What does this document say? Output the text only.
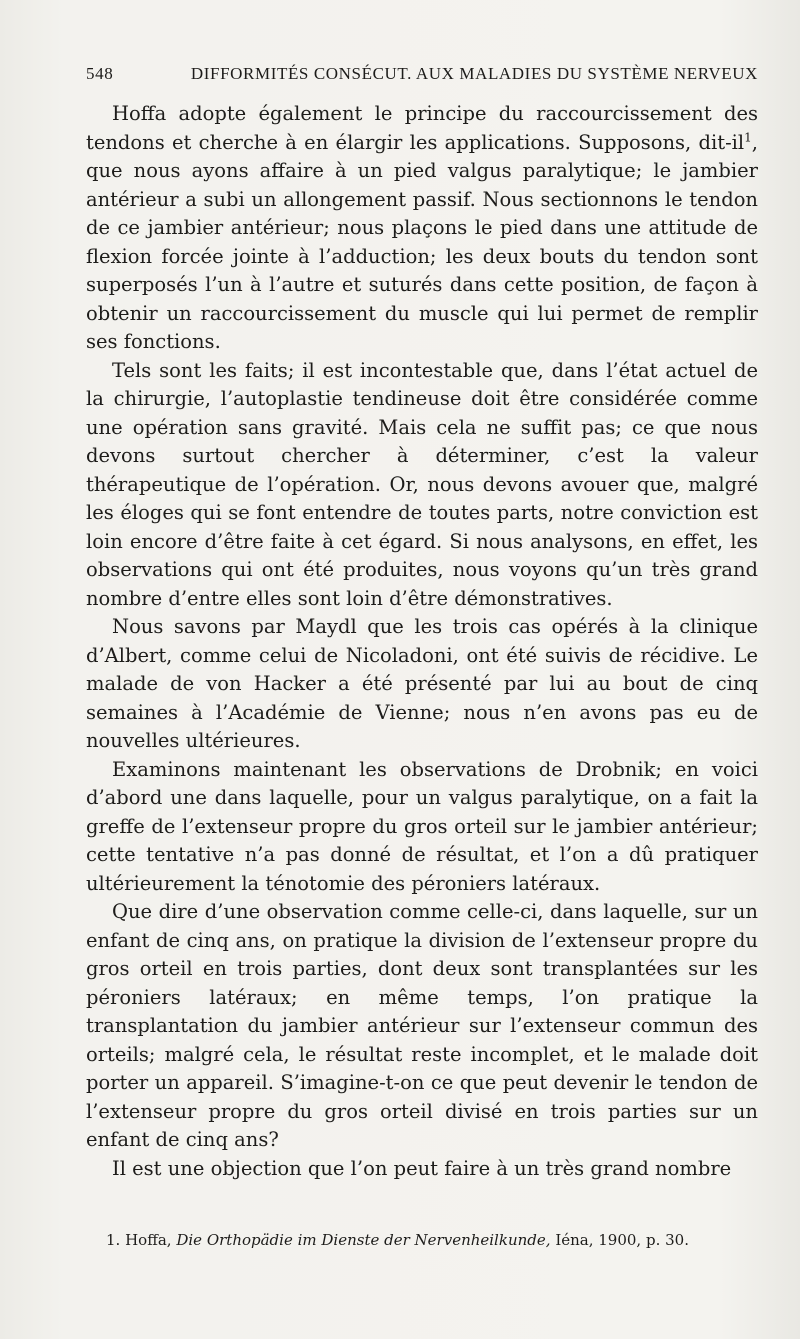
548	DIFFORMITÉS CONSÉCUT. AUX MALADIES DU SYSTÈME NERVEUX

Hoffa adopte également le principe du raccourcissement des tendons et cherche à en élargir les applications. Supposons, dit-$il^1$, que nous ayons affaire à un pied valgus paralytique; le jambier antérieur a subi un allongement passif. Nous sectionnons le tendon de ce jambier antérieur; nous plaçons le pied dans une attitude de flexion forcée jointe à l’adduction; les deux bouts du tendon sont superposés l’un à l’autre et suturés dans cette position, de façon à obtenir un raccourcissement du muscle qui lui permet de remplir ses fonctions.

Tels sont les faits; il est incontestable que, dans l’état actuel de la chirurgie, l’autoplastie tendineuse doit être considérée comme une opération sans gravité. Mais cela ne suffit pas; ce que nous devons surtout chercher à déterminer, c’est la valeur thérapeutique de l’opération. Or, nous devons avouer que, malgré les éloges qui se font entendre de toutes parts, notre conviction est loin encore d’être faite à cet égard. Si nous analysons, en effet, les observations qui ont été produites, nous voyons qu’un très grand nombre d’entre elles sont loin d’être démonstratives.

Nous savons par Maydl que les trois cas opérés à la clinique d’Albert, comme celui de Nicoladoni, ont été suivis de récidive. Le malade de von Hacker a été présenté par lui au bout de cinq semaines à l’Académie de Vienne; nous n’en avons pas eu de nouvelles ultérieures.

Examinons maintenant les observations de Drobnik; en voici d’abord une dans laquelle, pour un valgus paralytique, on a fait la greffe de l’extenseur propre du gros orteil sur le jambier antérieur; cette tentative n’a pas donné de résultat, et l’on a dû pratiquer ultérieurement la ténotomie des péroniers latéraux.

Que dire d’une observation comme celle-ci, dans laquelle, sur un enfant de cinq ans, on pratique la division de l’extenseur propre du gros orteil en trois parties, dont deux sont transplantées sur les péroniers latéraux; en même temps, l’on pratique la transplantation du jambier antérieur sur l’extenseur commun des orteils; malgré cela, le résultat reste incomplet, et le malade doit porter un appareil. S’imagine-t-on ce que peut devenir le tendon de l’extenseur propre du gros orteil divisé en trois parties sur un enfant de cinq ans?

Il est une objection que l’on peut faire à un très grand nombre

1. Hoffa, Die Orthopädie im Dienste der Nervenheilkunde, Iéna, 1900, p. 30.
